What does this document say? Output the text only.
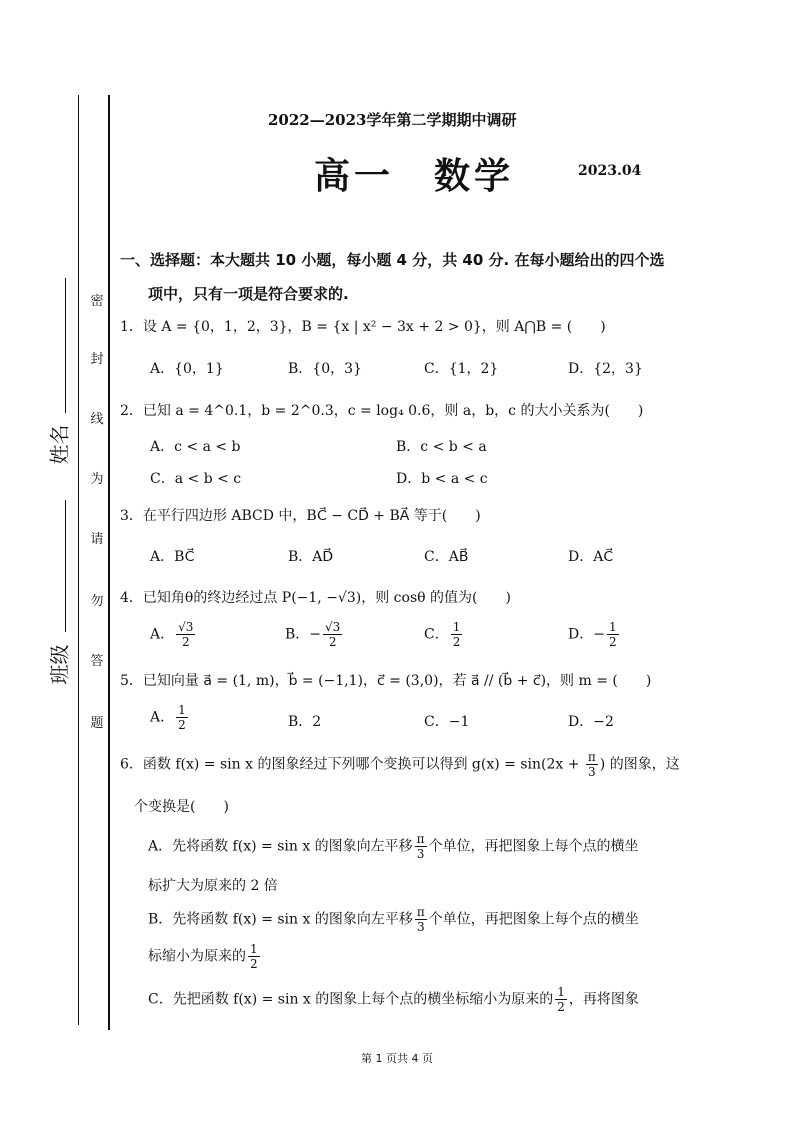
密
封
线
为
请
勿
答
题
姓名
班级
2022—2023学年第二学期期中调研
高一　数学	2023.04
一、选择题：本大题共 10 小题，每小题 4 分，共 40 分. 在每小题给出的四个选
项中，只有一项是符合要求的.
1．设 A = {0，1，2，3}，B = {x | x² − 3x + 2 > 0}，则 A⋂B = (　　)
A．{0，1}	B．{0，3}	C．{1，2}	D．{2，3}
2．已知 a = 4^0.1，b = 2^0.3，c = log₄ 0.6，则 a，b，c 的大小关系为(　　)
A．c < a < b	B．c < b < a
C．a < b < c	D．b < a < c
3．在平行四边形 ABCD 中，BC⃗ − CD⃗ + BA⃗ 等于(　　)
A．BC⃗	B．AD⃗	C．AB⃗	D．AC⃗
4．已知角θ的终边经过点 P(−1, −√3)，则 cosθ 的值为(　　)
A． $\frac{√3}{2}$	B．− $\frac{√3}{2}$	C． $\frac{1}{2}$	D．− $\frac{1}{2}$
5．已知向量 a⃗ = (1, m)，b⃗ = (−1,1)，c⃗ = (3,0)，若 a⃗ // (b⃗ + c⃗)，则 m = (　　)
A． $\frac{1}{2}$	B．2	C．−1	D．−2
6．函数 f(x) = sin x 的图象经过下列哪个变换可以得到 $g(x) = \sin(2x + \frac{\pi}{3}$ ) 的图象，这
个变换是(　　)
A．先将函数 f(x) = sin x 的图象向左平移 $\frac{\pi}{3}$ 个单位，再把图象上每个点的横坐
标扩大为原来的 2 倍
B．先将函数 f(x) = sin x 的图象向左平移 $\frac{\pi}{3}$ 个单位，再把图象上每个点的横坐
标缩小为原来的 $\frac{1}{2}$
C．先把函数 f(x) = sin x 的图象上每个点的横坐标缩小为原来的 $\frac{1}{2}$ ，再将图象
第 1 页共 4 页
